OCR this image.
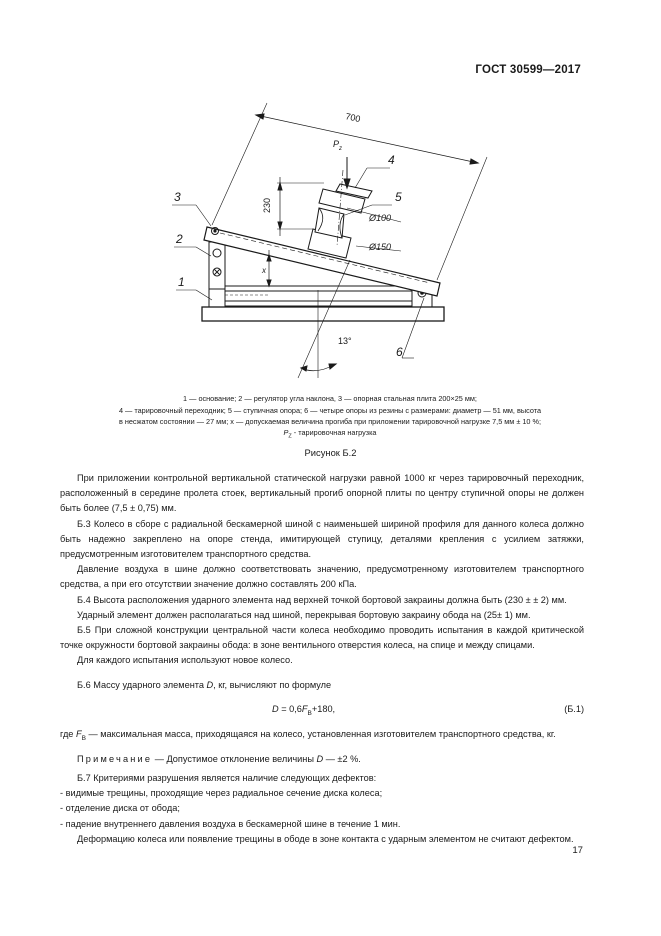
ГОСТ 30599—2017
1
2
3
4
5
6
700
230
x
Ø100
Ø150
13°
$P_z$
1 — основание; 2 — регулятор угла наклона, 3 — опорная стальная плита 200×25 мм;
4 — тарировочный переходник; 5 — ступичная опора; 6 — четыре опоры из резины с размерами: диаметр — 51 мм, высота
в несжатом состоянии — 27 мм; x — допускаемая величина прогиба при приложении тарировочной нагрузке 7,5 мм ± 10 %;
$P_Z$ - тарировочная нагрузка
Рисунок Б.2

При приложении контрольной вертикальной статической нагрузки равной 1000 кг через тарировочный переходник, расположенный в середине пролета стоек, вертикальный прогиб опорной плиты по центру ступичной опоры не должен быть более (7,5 ± 0,75) мм.

Б.3 Колесо в сборе с радиальной бескамерной шиной с наименьшей шириной профиля для данного колеса должно быть надежно закреплено на опоре стенда, имитирующей ступицу, деталями крепления с усилием затяжки, предусмотренным изготовителем транспортного средства.

Давление воздуха в шине должно соответствовать значению, предусмотренному изготовителем транспортного средства, а при его отсутствии значение должно составлять 200 кПа.

Б.4 Высота расположения ударного элемента над верхней точкой бортовой закраины должна быть (230 ± ± 2) мм.

Ударный элемент должен располагаться над шиной, перекрывая бортовую закраину обода на (25± 1) мм.

Б.5 При сложной конструкции центральной части колеса необходимо проводить испытания в каждой критической точке окружности бортовой закраины обода: в зоне вентильного отверстия колеса, на спице и между спицами.

Для каждого испытания используют новое колесо.

Б.6 Массу ударного элемента D, кг, вычисляют по формуле

$D = 0,6F_B+180$,	(Б.1)

где $F_B$ — максимальная масса, приходящаяся на колесо, установленная изготовителем транспортного средства, кг.

Примечание — Допустимое отклонение величины D — ±2 %.

Б.7 Критериями разрушения является наличие следующих дефектов:

- видимые трещины, проходящие через радиальное сечение диска колеса;

- отделение диска от обода;

- падение внутреннего давления воздуха в бескамерной шине в течение 1 мин.

Деформацию колеса или появление трещины в ободе в зоне контакта с ударным элементом не считают дефектом.

17
